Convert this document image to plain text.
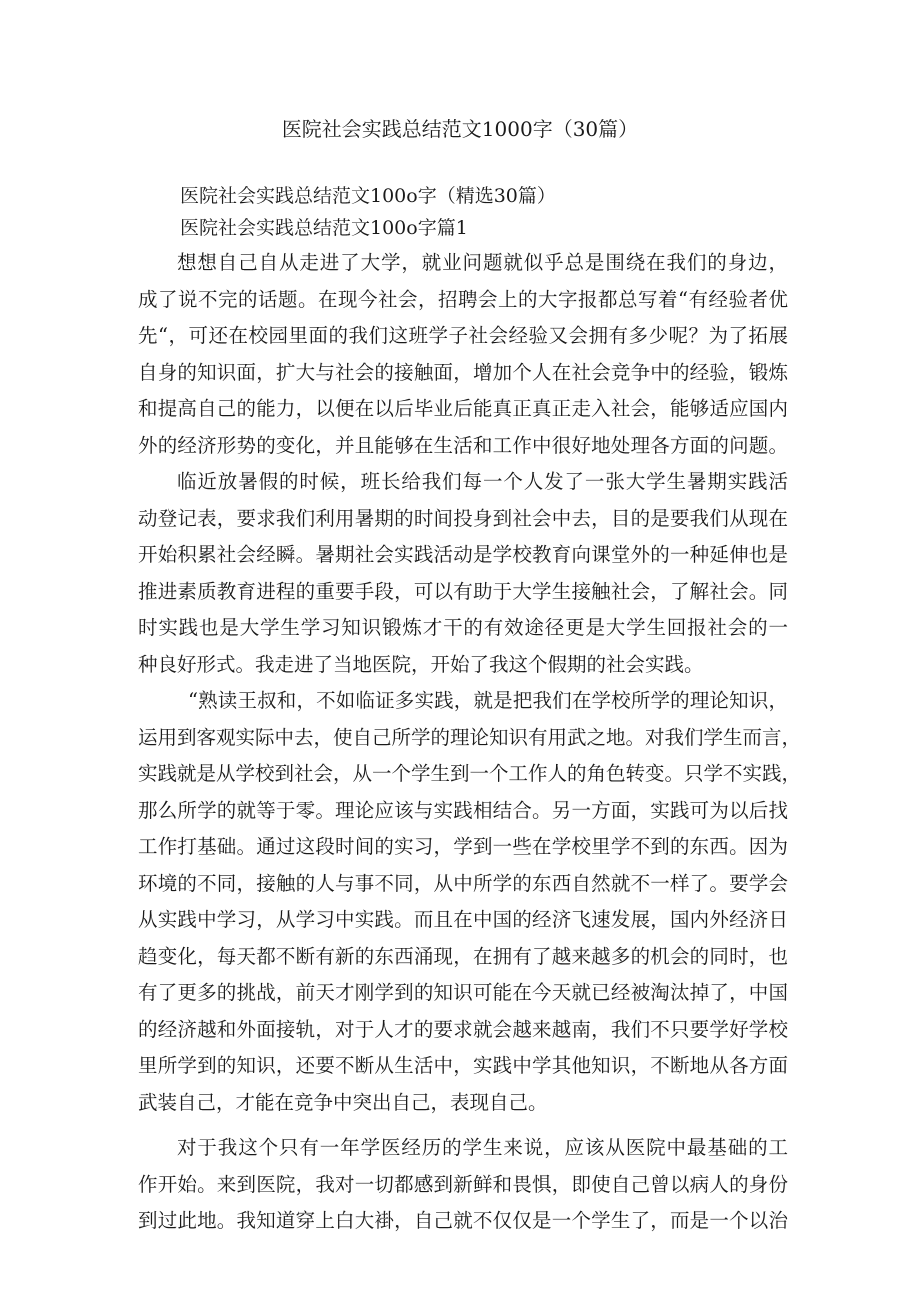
医院社会实践总结范文1000字（30篇）
医院社会实践总结范文100o字（精选30篇）
医院社会实践总结范文100o字篇1
想想自己自从走进了大学，就业问题就似乎总是围绕在我们的身边，
成了说不完的话题。在现今社会，招聘会上的大字报都总写着“有经验者优
先“，可还在校园里面的我们这班学子社会经验又会拥有多少呢？为了拓展
自身的知识面，扩大与社会的接触面，增加个人在社会竞争中的经验，锻炼
和提高自己的能力，以便在以后毕业后能真正真正走入社会，能够适应国内
外的经济形势的变化，并且能够在生活和工作中很好地处理各方面的问题。
临近放暑假的时候，班长给我们每一个人发了一张大学生暑期实践活
动登记表，要求我们利用暑期的时间投身到社会中去，目的是要我们从现在
开始积累社会经瞬。暑期社会实践活动是学校教育向课堂外的一种延伸也是
推进素质教育进程的重要手段，可以有助于大学生接触社会，了解社会。同
时实践也是大学生学习知识锻炼才干的有效途径更是大学生回报社会的一
种良好形式。我走进了当地医院，开始了我这个假期的社会实践。
“熟读王叔和，不如临证多实践，就是把我们在学校所学的理论知识，
运用到客观实际中去，使自己所学的理论知识有用武之地。对我们学生而言，
实践就是从学校到社会，从一个学生到一个工作人的角色转变。只学不实践，
那么所学的就等于零。理论应该与实践相结合。另一方面，实践可为以后找
工作打基础。通过这段时间的实习，学到一些在学校里学不到的东西。因为
环境的不同，接触的人与事不同，从中所学的东西自然就不一样了。要学会
从实践中学习，从学习中实践。而且在中国的经济飞速发展，国内外经济日
趋变化，每天都不断有新的东西涌现，在拥有了越来越多的机会的同时，也
有了更多的挑战，前天才刚学到的知识可能在今天就已经被淘汰掉了，中国
的经济越和外面接轨，对于人才的要求就会越来越南，我们不只要学好学校
里所学到的知识，还要不断从生活中，实践中学其他知识，不断地从各方面
武装自己，才能在竞争中突出自己，表现自己。
对于我这个只有一年学医经历的学生来说，应该从医院中最基础的工
作开始。来到医院，我对一切都感到新鲜和畏惧，即使自己曾以病人的身份
到过此地。我知道穿上白大褂，自己就不仅仅是一个学生了，而是一个以治
